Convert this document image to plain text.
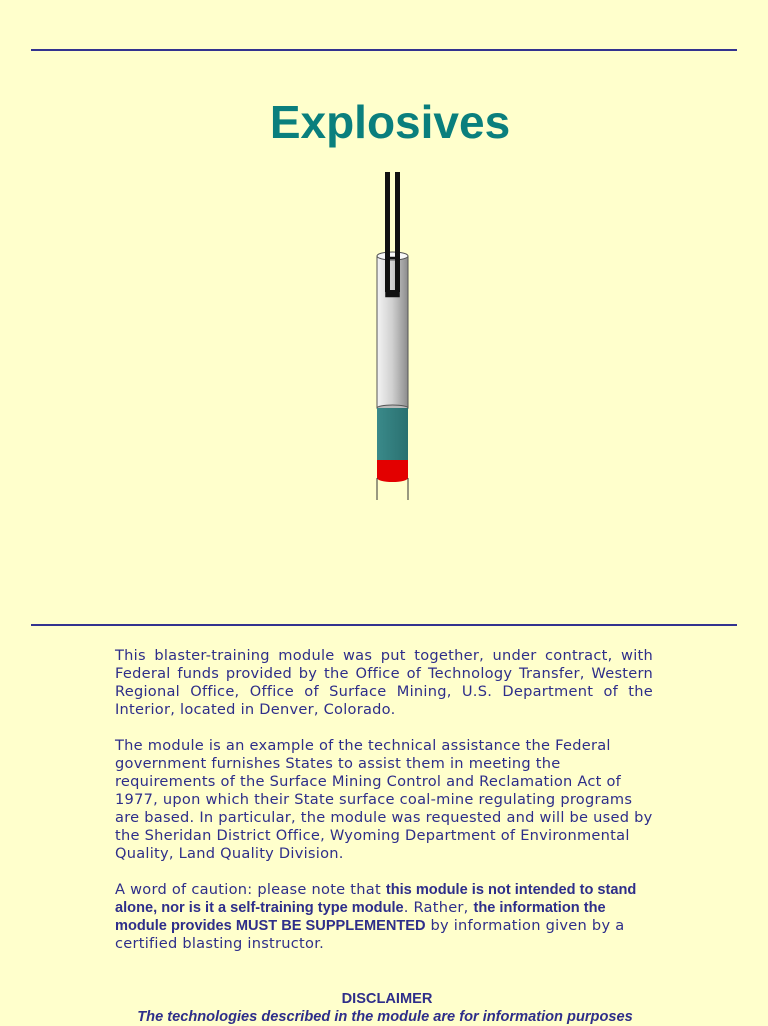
Explosives

This blaster-training module was put together, under contract, with Federal funds provided by the Office of Technology Transfer, Western Regional Office, Office of Surface Mining, U.S. Department of the Interior, located in Denver, Colorado.

The module is an example of the technical assistance the Federal government furnishes States to assist them in meeting the requirements of the Surface Mining Control and Reclamation Act of 1977, upon which their State surface coal-mine regulating programs are based. In particular, the module was requested and will be used by the Sheridan District Office, Wyoming Department of Environmental Quality, Land Quality Division.

A word of caution: please note that this module is not intended to stand alone, nor is it a self-training type module. Rather, the information the module provides MUST BE SUPPLEMENTED by information given by a certified blasting instructor.

DISCLAIMER
The technologies described in the module are for information purposes
